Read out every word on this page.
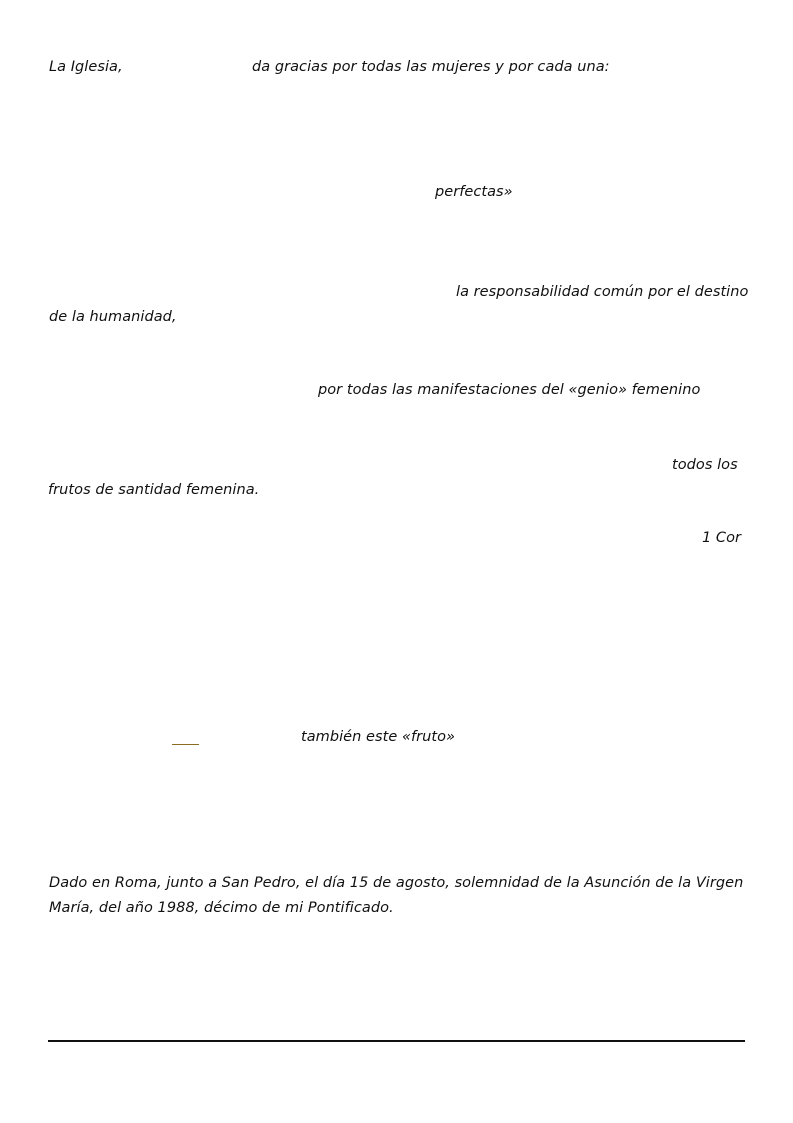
La Iglesia,	da gracias por todas las mujeres y por cada una:
perfectas»
la responsabilidad común por el destino
de la humanidad,
por todas las manifestaciones del «genio» femenino
todos los
frutos de santidad femenina.
1 Cor
también este «fruto»
Dado en Roma, junto a San Pedro, el día 15 de agosto, solemnidad de la Asunción de la Virgen
María, del año 1988, décimo de mi Pontificado.
